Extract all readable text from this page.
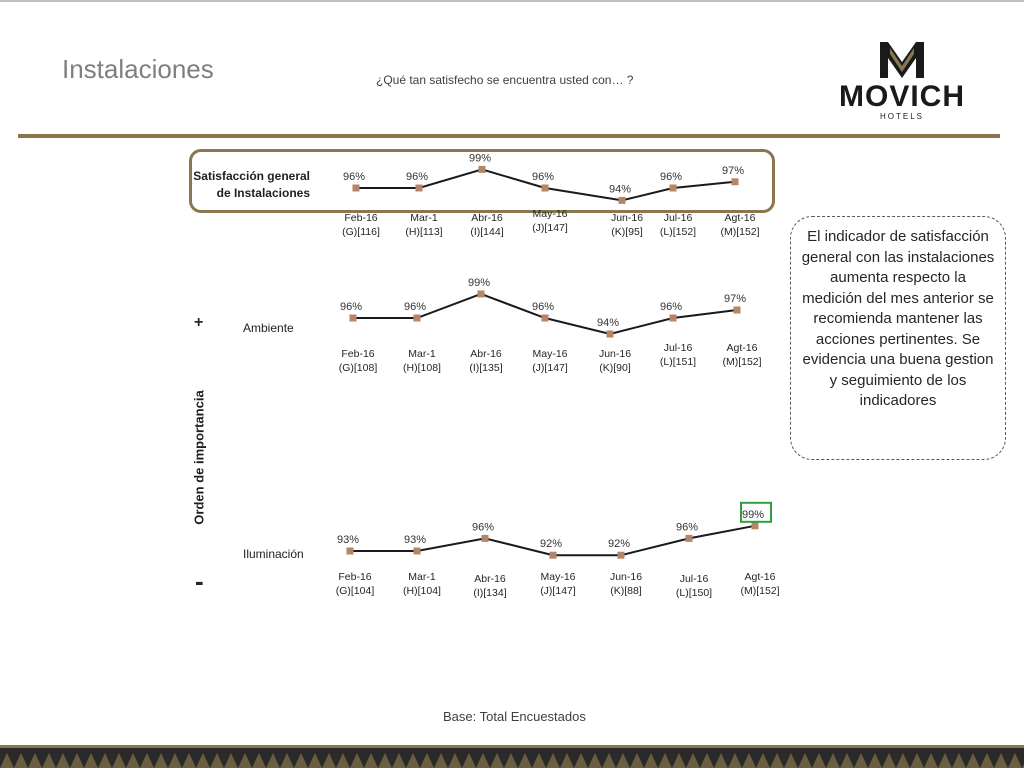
Instalaciones	¿Qué tan satisfecho se encuentra usted con… ?	MOVICH
HOTELS
Satisfacción general de Instalaciones
Ambiente
Iluminación
Orden de importancia
+
-
96%
Feb-16
(G)[116]
96%
Mar-1
(H)[113]
99%
Abr-16
(I)[144]
96%
May-16
(J)[147]
94%
Jun-16
(K)[95]
96%
Jul-16
(L)[152]
97%
Agt-16
(M)[152]
96%
Feb-16
(G)[108]
96%
Mar-1
(H)[108]
99%
Abr-16
(I)[135]
96%
May-16
(J)[147]
94%
Jun-16
(K)[90]
96%
Jul-16
(L)[151]
97%
Agt-16
(M)[152]
93%
Feb-16
(G)[104]
93%
Mar-1
(H)[104]
96%
Abr-16
(I)[134]
92%
May-16
(J)[147]
92%
Jun-16
(K)[88]
96%
Jul-16
(L)[150]
99%
Agt-16
(M)[152]
El indicador de satisfacción general con las instalaciones aumenta respecto la medición del mes anterior se recomienda mantener las acciones pertinentes. Se evidencia una buena gestion y seguimiento de los indicadores
Base: Total Encuestados
